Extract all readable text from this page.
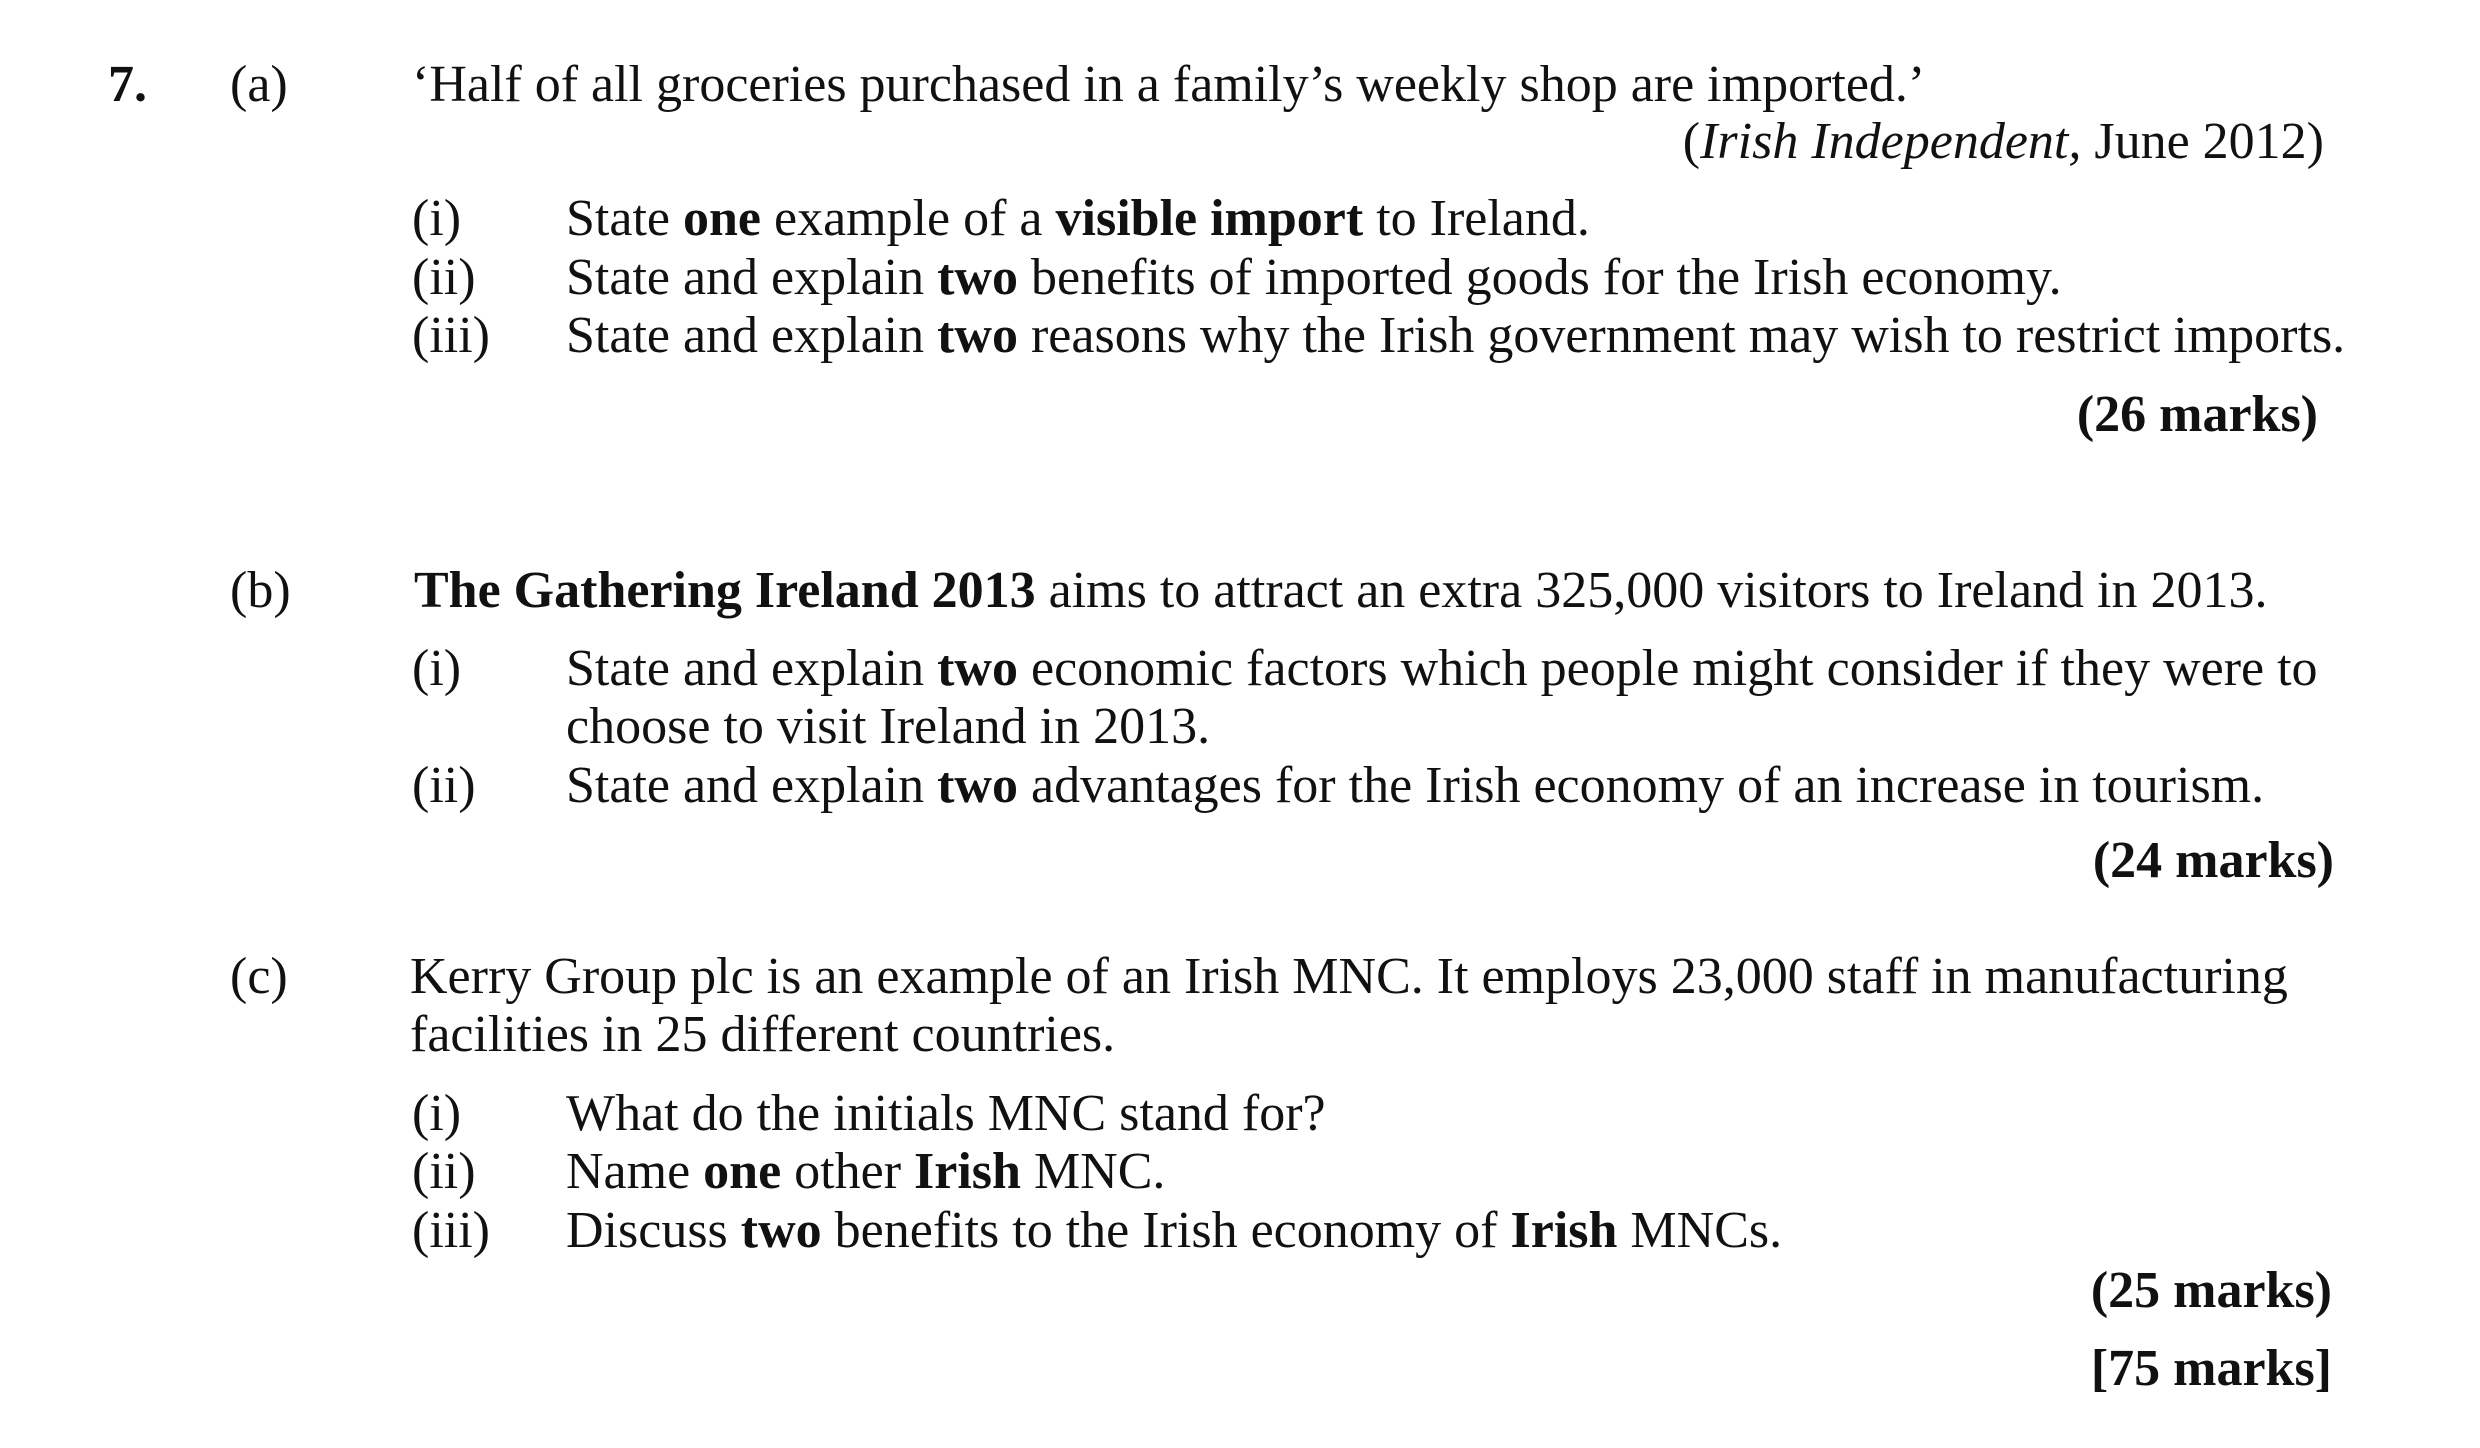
7. (a) ‘Half of all groceries purchased in a family’s weekly shop are imported.’
(Irish Independent, June 2012)
(i) State one example of a visible import to Ireland.
(ii) State and explain two benefits of imported goods for the Irish economy.
(iii) State and explain two reasons why the Irish government may wish to restrict imports.
(26 marks)
(b) The Gathering Ireland 2013 aims to attract an extra 325,000 visitors to Ireland in 2013.
(i) State and explain two economic factors which people might consider if they were to
choose to visit Ireland in 2013.
(ii) State and explain two advantages for the Irish economy of an increase in tourism.
(24 marks)
(c) Kerry Group plc is an example of an Irish MNC. It employs 23,000 staff in manufacturing
facilities in 25 different countries.
(i) What do the initials MNC stand for?
(ii) Name one other Irish MNC.
(iii) Discuss two benefits to the Irish economy of Irish MNCs.
(25 marks)
[75 marks]
